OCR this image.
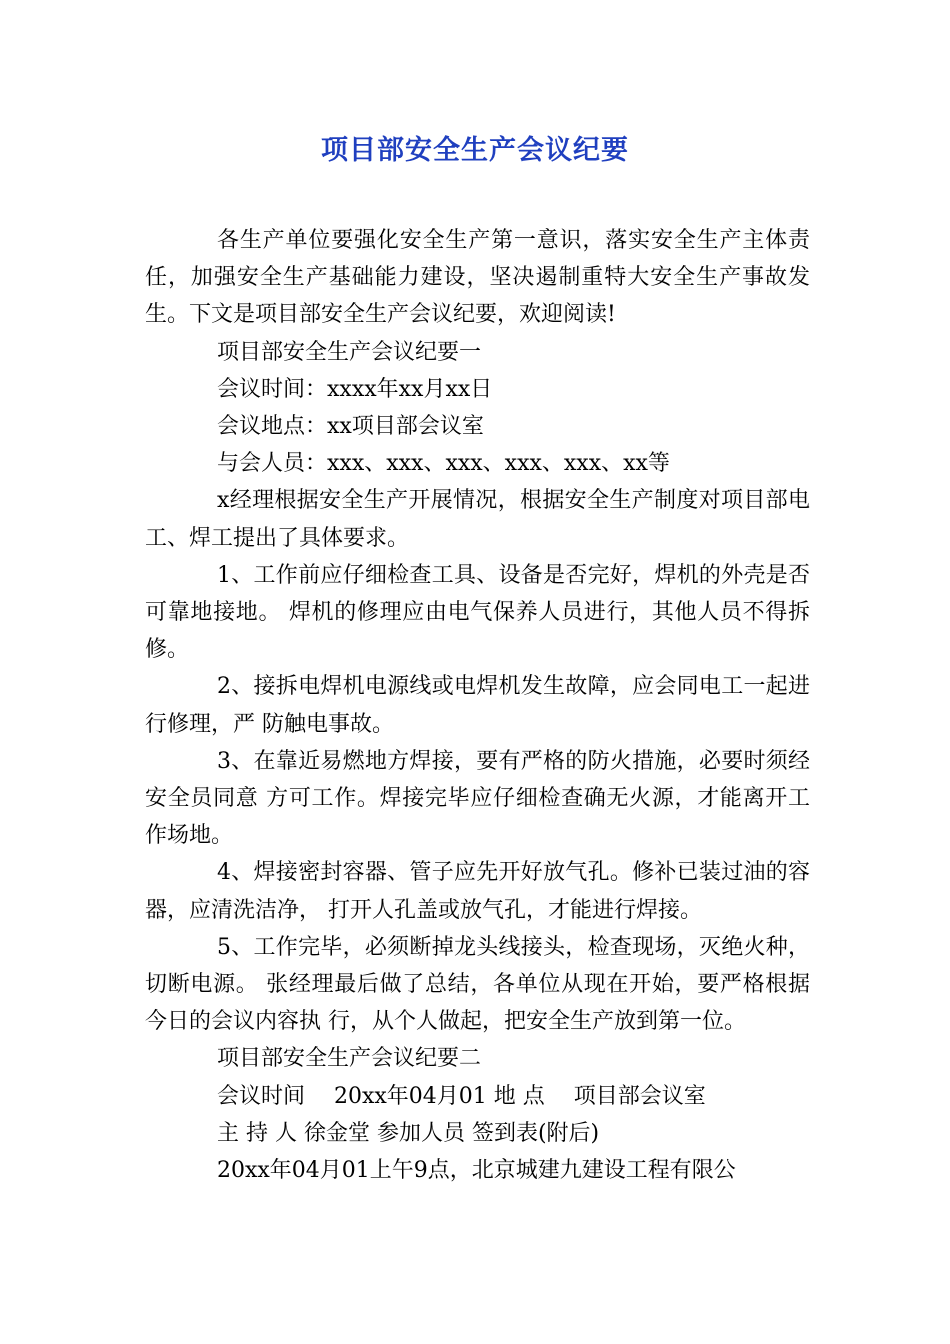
项目部安全生产会议纪要

各生产单位要强化安全生产第一意识，落实安全生产主体责任，加强安全生产基础能力建设，坚决遏制重特大安全生产事故发生。下文是项目部安全生产会议纪要，欢迎阅读!

项目部安全生产会议纪要一

会议时间：xxxx年xx月xx日

会议地点：xx项目部会议室

与会人员：xxx、xxx、xxx、xxx、xxx、xx等

x经理根据安全生产开展情况，根据安全生产制度对项目部电工、焊工提出了具体要求。

1、工作前应仔细检查工具、设备是否完好，焊机的外壳是否可靠地接地。 焊机的修理应由电气保养人员进行，其他人员不得拆修。

2、接拆电焊机电源线或电焊机发生故障，应会同电工一起进行修理，严 防触电事故。

3、在靠近易燃地方焊接，要有严格的防火措施，必要时须经安全员同意 方可工作。焊接完毕应仔细检查确无火源，才能离开工作场地。

4、焊接密封容器、管子应先开好放气孔。修补已装过油的容器，应清洗洁净， 打开人孔盖或放气孔，才能进行焊接。

5、工作完毕，必须断掉龙头线接头，检查现场，灭绝火种，切断电源。 张经理最后做了总结，各单位从现在开始，要严格根据今日的会议内容执 行，从个人做起，把安全生产放到第一位。

项目部安全生产会议纪要二

会议时间　 20xx年04月01 地 点　 项目部会议室

主 持 人 徐金堂 参加人员 签到表(附后)

20xx年04月01上午9点，北京城建九建设工程有限公
